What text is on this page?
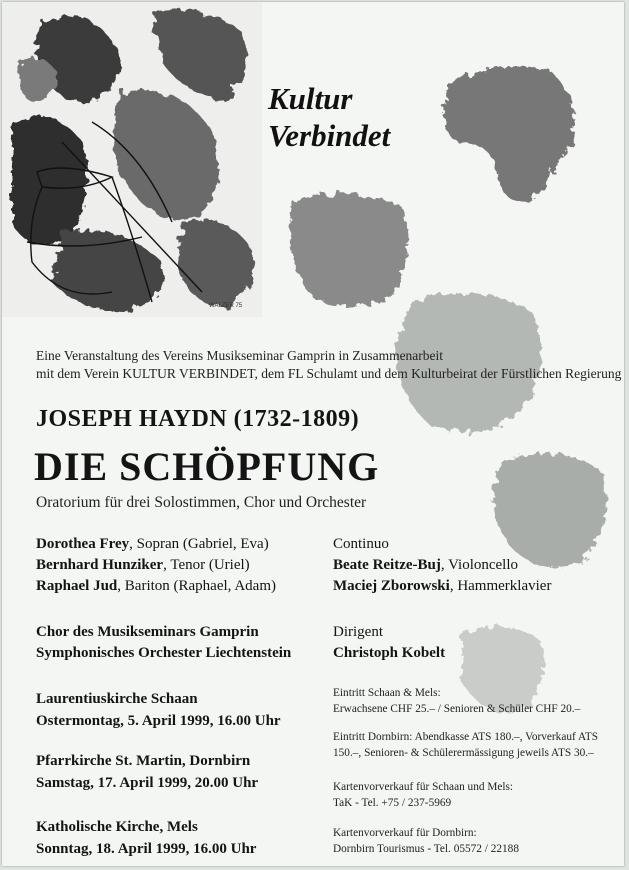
WALZER 75
Kultur
Verbindet
Eine Veranstaltung des Vereins Musikseminar Gamprin in Zusammenarbeit
mit dem Verein KULTUR VERBINDET, dem FL Schulamt und dem Kulturbeirat der Fürstlichen Regierung
JOSEPH HAYDN (1732-1809)
DIE SCHÖPFUNG
Oratorium für drei Solostimmen, Chor und Orchester
Dorothea Frey, Sopran (Gabriel, Eva)
Bernhard Hunziker, Tenor (Uriel)
Raphael Jud, Bariton (Raphael, Adam)
Continuo
Beate Reitze-Buj, Violoncello
Maciej Zborowski, Hammerklavier
Chor des Musikseminars Gamprin
Symphonisches Orchester Liechtenstein
Dirigent
Christoph Kobelt
Laurentiuskirche Schaan
Ostermontag, 5. April 1999, 16.00 Uhr
Pfarrkirche St. Martin, Dornbirn
Samstag, 17. April 1999, 20.00 Uhr
Katholische Kirche, Mels
Sonntag, 18. April 1999, 16.00 Uhr
Eintritt Schaan & Mels:
Erwachsene CHF 25.– / Senioren & Schüler CHF 20.–
Eintritt Dornbirn: Abendkasse ATS 180.–, Vorverkauf ATS
150.–, Senioren- & Schülerermässigung jeweils ATS 30.–
Kartenvorverkauf für Schaan und Mels:
TaK - Tel. +75 / 237-5969
Kartenvorverkauf für Dornbirn:
Dornbirn Tourismus - Tel. 05572 / 22188
